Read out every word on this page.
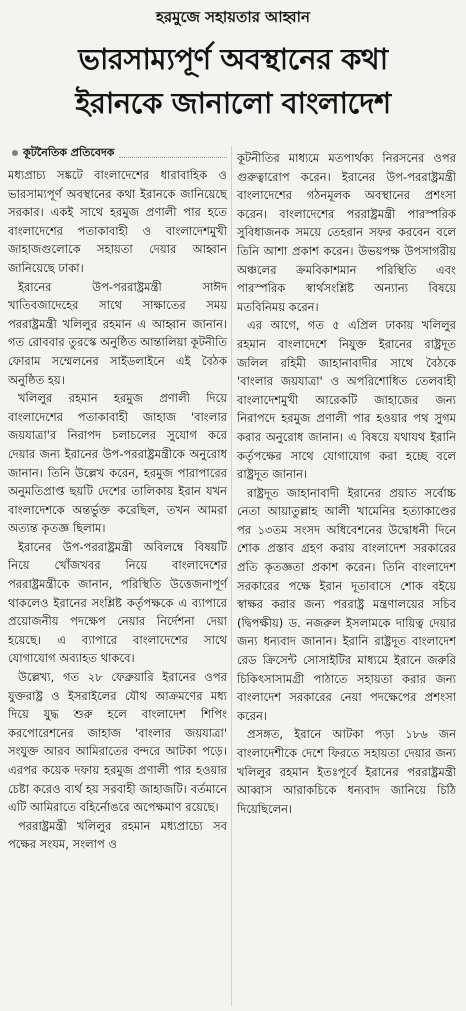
হরমুজে সহায়তার আহ্বান
ভারসাম্যপূর্ণ অবস্থানের কথা
ইরানকে জানালো বাংলাদেশ
কূটনৈতিক প্রতিবেদক

মধ্যপ্রাচ্য সঙ্কটে বাংলাদেশের ধারাবাহিক ও ভারসাম্যপূর্ণ অবস্থানের কথা ইরানকে জানিয়েছে সরকার। একই সাথে হরমুজ প্রণালী পার হতে বাংলাদেশের পতাকাবাহী ও বাংলাদেশমুখী জাহাজগুলোকে সহায়তা দেয়ার আহ্বান জানিয়েছে ঢাকা।

ইরানের উপ-পররাষ্ট্রমন্ত্রী সাঈদ খাতিবজাদেহের সাথে সাক্ষাতের সময় পররাষ্ট্রমন্ত্রী খলিলুর রহমান এ আহ্বান জানান। গত রোববার তুরস্কে অনুষ্ঠিত আন্তালিয়া কূটনীতি ফোরাম সম্মেলনের সাইডলাইনে এই বৈঠক অনুষ্ঠিত হয়।

খলিলুর রহমান হরমুজ প্রণালী দিয়ে বাংলাদেশের পতাকাবাহী জাহাজ 'বাংলার জয়যাত্রা'র নিরাপদ চলাচলের সুযোগ করে দেয়ার জন্য ইরানের উপ-পররাষ্ট্রমন্ত্রীকে অনুরোধ জানান। তিনি উল্লেখ করেন, হরমুজ পারাপারের অনুমতিপ্রাপ্ত ছয়টি দেশের তালিকায় ইরান যখন বাংলাদেশকে অন্তর্ভুক্ত করেছিল, তখন আমরা অত্যন্ত কৃতজ্ঞ ছিলাম।

ইরানের উপ-পররাষ্ট্রমন্ত্রী অবিলম্বে বিষয়টি নিয়ে খোঁজখবর নিয়ে বাংলাদেশের পররাষ্ট্রমন্ত্রীকে জানান, পরিস্থিতি উত্তেজনাপূর্ণ থাকলেও ইরানের সংশ্লিষ্ট কর্তৃপক্ষকে এ ব্যাপারে প্রয়োজনীয় পদক্ষেপ নেয়ার নির্দেশনা দেয়া হয়েছে। এ ব্যাপারে বাংলাদেশের সাথে যোগাযোগ অব্যাহত থাকবে।

উল্লেখ্য, গত ২৮ ফেব্রুয়ারি ইরানের ওপর যুক্তরাষ্ট্র ও ইসরাইলের যৌথ আক্রমণের মধ্য দিয়ে যুদ্ধ শুরু হলে বাংলাদেশ শিপিং করপোরেশনের জাহাজ 'বাংলার জয়যাত্রা' সংযুক্ত আরব আমিরাতের বন্দরে আটকা পড়ে। এরপর কয়েক দফায় হরমুজ প্রণালী পার হওয়ার চেষ্টা করেও ব্যর্থ হয় সরবাহী জাহাজটি। বর্তমানে এটি আমিরাতে বহির্নোঙরে অপেক্ষমাণ রয়েছে।

পররাষ্ট্রমন্ত্রী খলিলুর রহমান মধ্যপ্রাচ্যে সব পক্ষের সংযম, সংলাপ ও

কূটনীতির মাধ্যমে মতপার্থক্য নিরসনের ওপর গুরুত্বারোপ করেন। ইরানের উপ-পররাষ্ট্রমন্ত্রী বাংলাদেশের গঠনমূলক অবস্থানের প্রশংসা করেন। বাংলাদেশের পররাষ্ট্রমন্ত্রী পারস্পরিক সুবিধাজনক সময়ে তেহরান সফর করবেন বলে তিনি আশা প্রকাশ করেন। উভয়পক্ষ উপসাগরীয় অঞ্চলের ক্রমবিকাশমান পরিস্থিতি এবং পারস্পরিক স্বার্থসংশ্লিষ্ট অন্যান্য বিষয়ে মতবিনিময় করেন।

এর আগে, গত ৫ এপ্রিল ঢাকায় খলিলুর রহমান বাংলাদেশে নিযুক্ত ইরানের রাষ্ট্রদূত জলিল রহিমী জাহানাবাদীর সাথে বৈঠকে 'বাংলার জয়যাত্রা' ও অপরিশোধিত তেলবাহী বাংলাদেশমুখী আরেকটি জাহাজের জন্য নিরাপদে হরমুজ প্রণালী পার হওয়ার পথ সুগম করার অনুরোধ জানান। এ বিষয়ে যথাযথ ইরানি কর্তৃপক্ষের সাথে যোগাযোগ করা হচ্ছে বলে রাষ্ট্রদূত জানান।

রাষ্ট্রদূত জাহানাবাদী ইরানের প্রয়াত সর্বোচ্চ নেতা আয়াতুল্লাহ আলী খামেনির হত্যাকাণ্ডের পর ১৩তম সংসদ অধিবেশনের উদ্বোধনী দিনে শোক প্রস্তাব গ্রহণ করায় বাংলাদেশ সরকারের প্রতি কৃতজ্ঞতা প্রকাশ করেন। তিনি বাংলাদেশ সরকারের পক্ষে ইরান দূতাবাসে শোক বইয়ে স্বাক্ষর করার জন্য পররাষ্ট্র মন্ত্রণালয়ের সচিব (দ্বিপক্ষীয়) ড. নজরুল ইসলামকে দায়িত্ব দেয়ার জন্য ধন্যবাদ জানান। ইরানি রাষ্ট্রদূত বাংলাদেশ রেড ক্রিসেন্ট সোসাইটির মাধ্যমে ইরানে জরুরি চিকিৎসাসামগ্রী পাঠাতে সহায়তা করার জন্য বাংলাদেশ সরকারের নেয়া পদক্ষেপের প্রশংসা করেন।

প্রসঙ্গত, ইরানে আটকা পড়া ১৮৬ জন বাংলাদেশীকে দেশে ফিরতে সহায়তা দেয়ার জন্য খলিলুর রহমান ইতঃপূর্বে ইরানের পররাষ্ট্রমন্ত্রী আব্বাস আরাকচিকে ধন্যবাদ জানিয়ে চিঠি দিয়েছিলেন।
